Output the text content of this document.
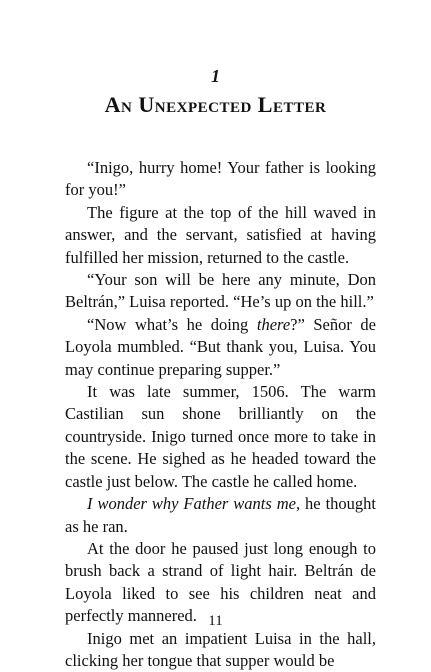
1
An Unexpected Letter

“Inigo, hurry home! Your father is looking for you!”

The figure at the top of the hill waved in answer, and the servant, satisfied at having fulfilled her mission, returned to the castle.

“Your son will be here any minute, Don Beltrán,” Luisa reported. “He’s up on the hill.”

“Now what’s he doing there?” Señor de Loyola mumbled. “But thank you, Luisa. You may continue preparing supper.”

It was late summer, 1506. The warm Castilian sun shone brilliantly on the countryside. Inigo turned once more to take in the scene. He sighed as he headed toward the castle just below. The castle he called home.

I wonder why Father wants me, he thought as he ran.

At the door he paused just long enough to brush back a strand of light hair. Beltrán de Loyola liked to see his children neat and perfectly mannered.

Inigo met an impatient Luisa in the hall, clicking her tongue that supper would be

11
